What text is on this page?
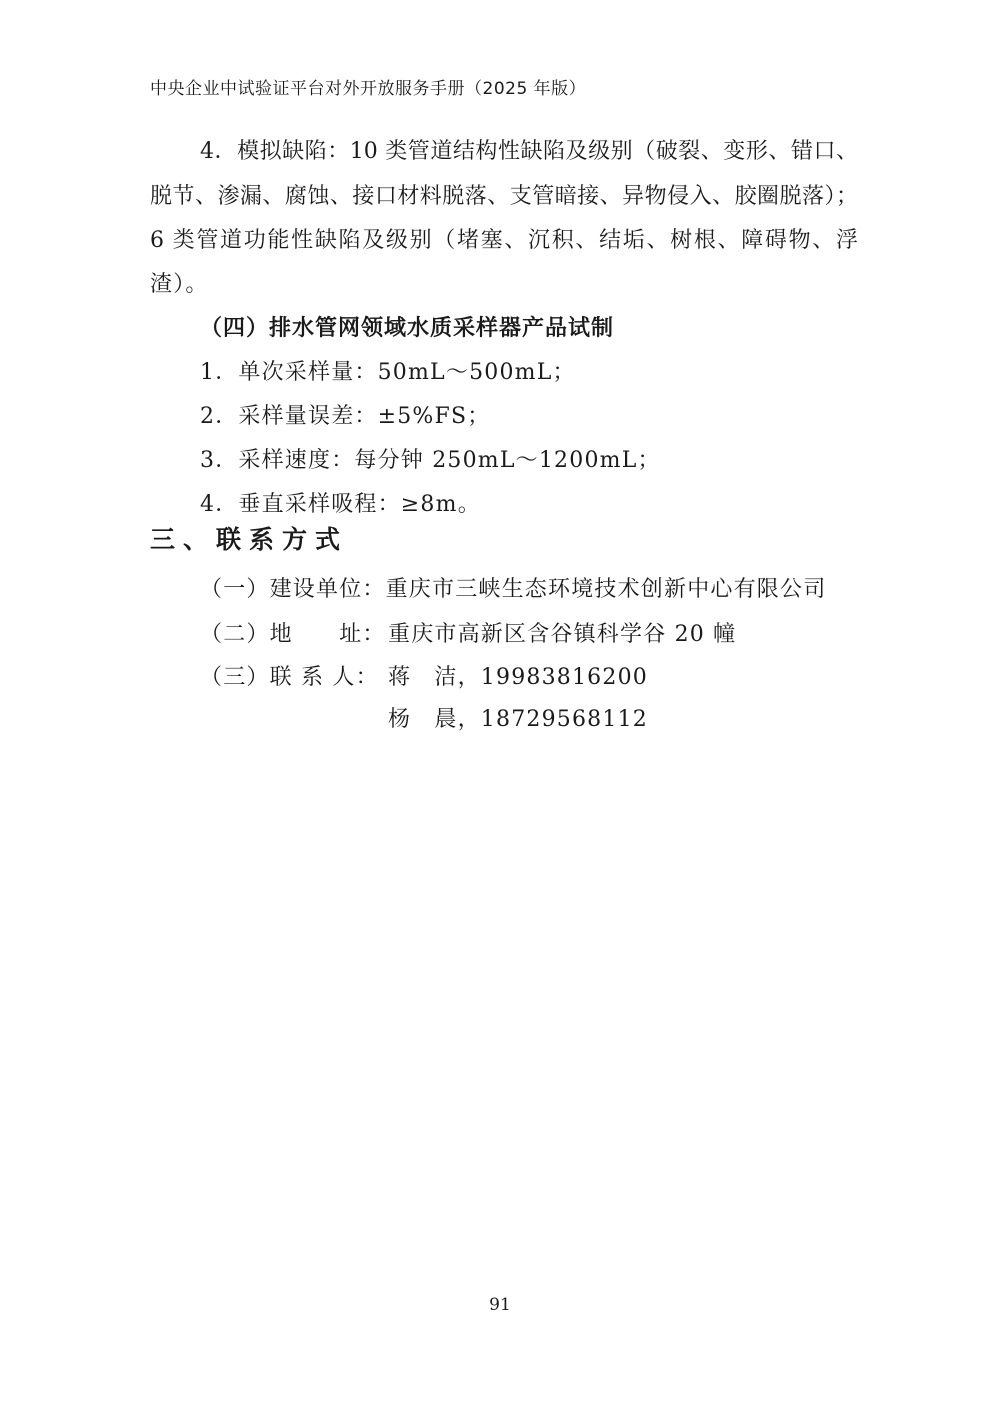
中央企业中试验证平台对外开放服务手册（2025 年版）
4．模拟缺陷：10 类管道结构性缺陷及级别（破裂、变形、错口、
脱节、渗漏、腐蚀、接口材料脱落、支管暗接、异物侵入、胶圈脱落）；
6 类管道功能性缺陷及级别（堵塞、沉积、结垢、树根、障碍物、浮
渣）。
（四）排水管网领域水质采样器产品试制
1．单次采样量：50mL～500mL；
2．采样量误差：±5%FS；
3．采样速度：每分钟 250mL～1200mL；
4．垂直采样吸程：≥8m。
三、联系方式
（一）建设单位：重庆市三峡生态环境技术创新中心有限公司
（二）地　　址： 重庆市高新区含谷镇科学谷 20 幢
（三）联 系 人： 蒋　洁，19983816200
杨　晨，18729568112
91
